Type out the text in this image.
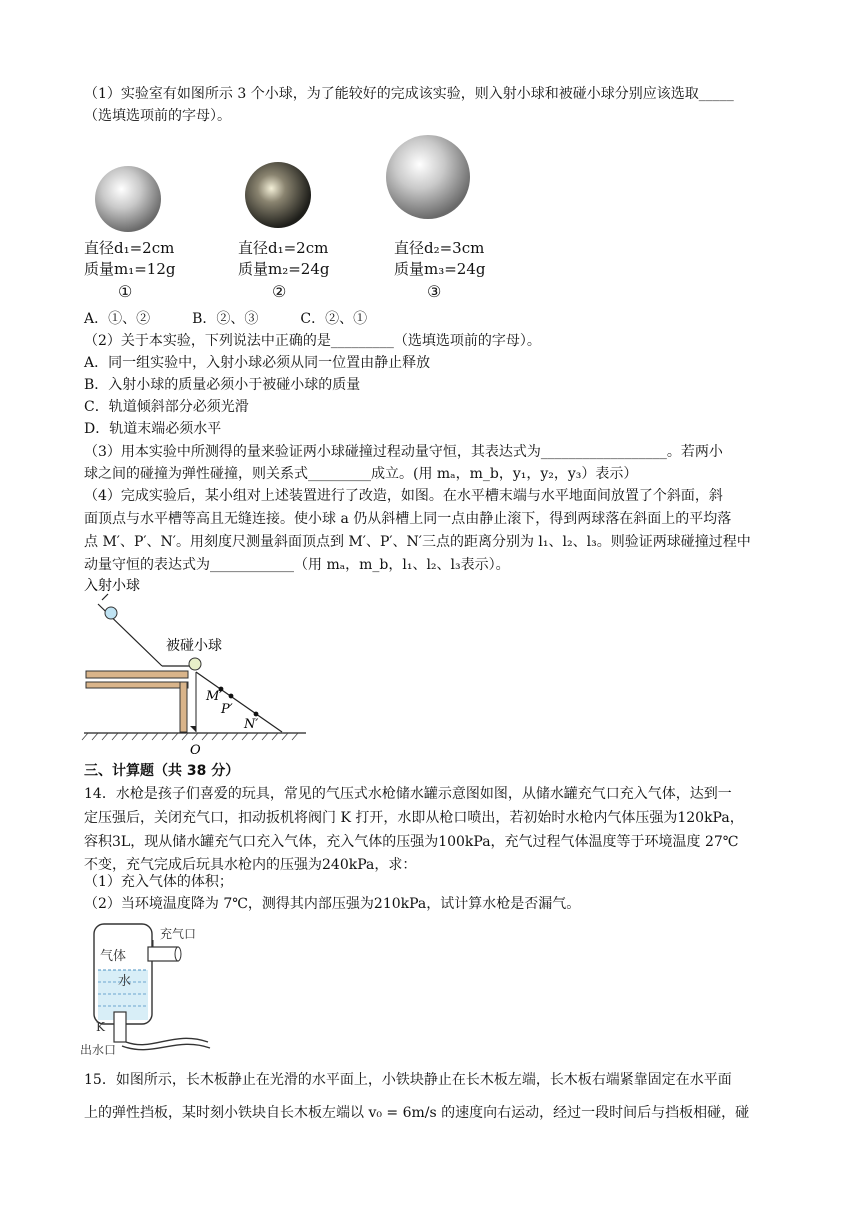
（1）实验室有如图所示 3 个小球，为了能较好的完成该实验，则入射小球和被碰小球分别应该选取_____
（选填选项前的字母）。
直径d₁=2cm
质量m₁=12g
①
直径d₁=2cm
质量m₂=24g
②
直径d₂=3cm
质量m₃=24g
③
A．①、②　　　B．②、③　　　C．②、①
（2）关于本实验，下列说法中正确的是_________（选填选项前的字母）。
A．同一组实验中，入射小球必须从同一位置由静止释放
B．入射小球的质量必须小于被碰小球的质量
C．轨道倾斜部分必须光滑
D．轨道末端必须水平
（3）用本实验中所测得的量来验证两小球碰撞过程动量守恒，其表达式为__________________。若两小
球之间的碰撞为弹性碰撞，则关系式_________成立。(用 mₐ，m_b，y₁，y₂，y₃）表示）
（4）完成实验后，某小组对上述装置进行了改造，如图。在水平槽末端与水平地面间放置了个斜面，斜
面顶点与水平槽等高且无缝连接。使小球 a 仍从斜槽上同一点由静止滚下，得到两球落在斜面上的平均落
点 M′、P′、N′。用刻度尺测量斜面顶点到 M′、P′、N′三点的距离分别为 l₁、l₂、l₃。则验证两球碰撞过程中
动量守恒的表达式为____________（用 mₐ，m_b，l₁、l₂、l₃表示）。
入射小球
被碰小球
M′
P′
N′
O
三、计算题（共 38 分）
14．水枪是孩子们喜爱的玩具，常见的气压式水枪储水罐示意图如图，从储水罐充气口充入气体，达到一
定压强后，关闭充气口，扣动扳机将阀门 K 打开，水即从枪口喷出，若初始时水枪内气体压强为120kPa，
容积3L，现从储水罐充气口充入气体，充入气体的压强为100kPa，充气过程气体温度等于环境温度 27℃
不变，充气完成后玩具水枪内的压强为240kPa，求：
（1）充入气体的体积；
（2）当环境温度降为 7℃，测得其内部压强为210kPa，试计算水枪是否漏气。
气体
水
充气口
K
出水口
15．如图所示，长木板静止在光滑的水平面上，小铁块静止在长木板左端，长木板右端紧靠固定在水平面
上的弹性挡板，某时刻小铁块自长木板左端以 v₀ = 6m/s 的速度向右运动，经过一段时间后与挡板相碰，碰
